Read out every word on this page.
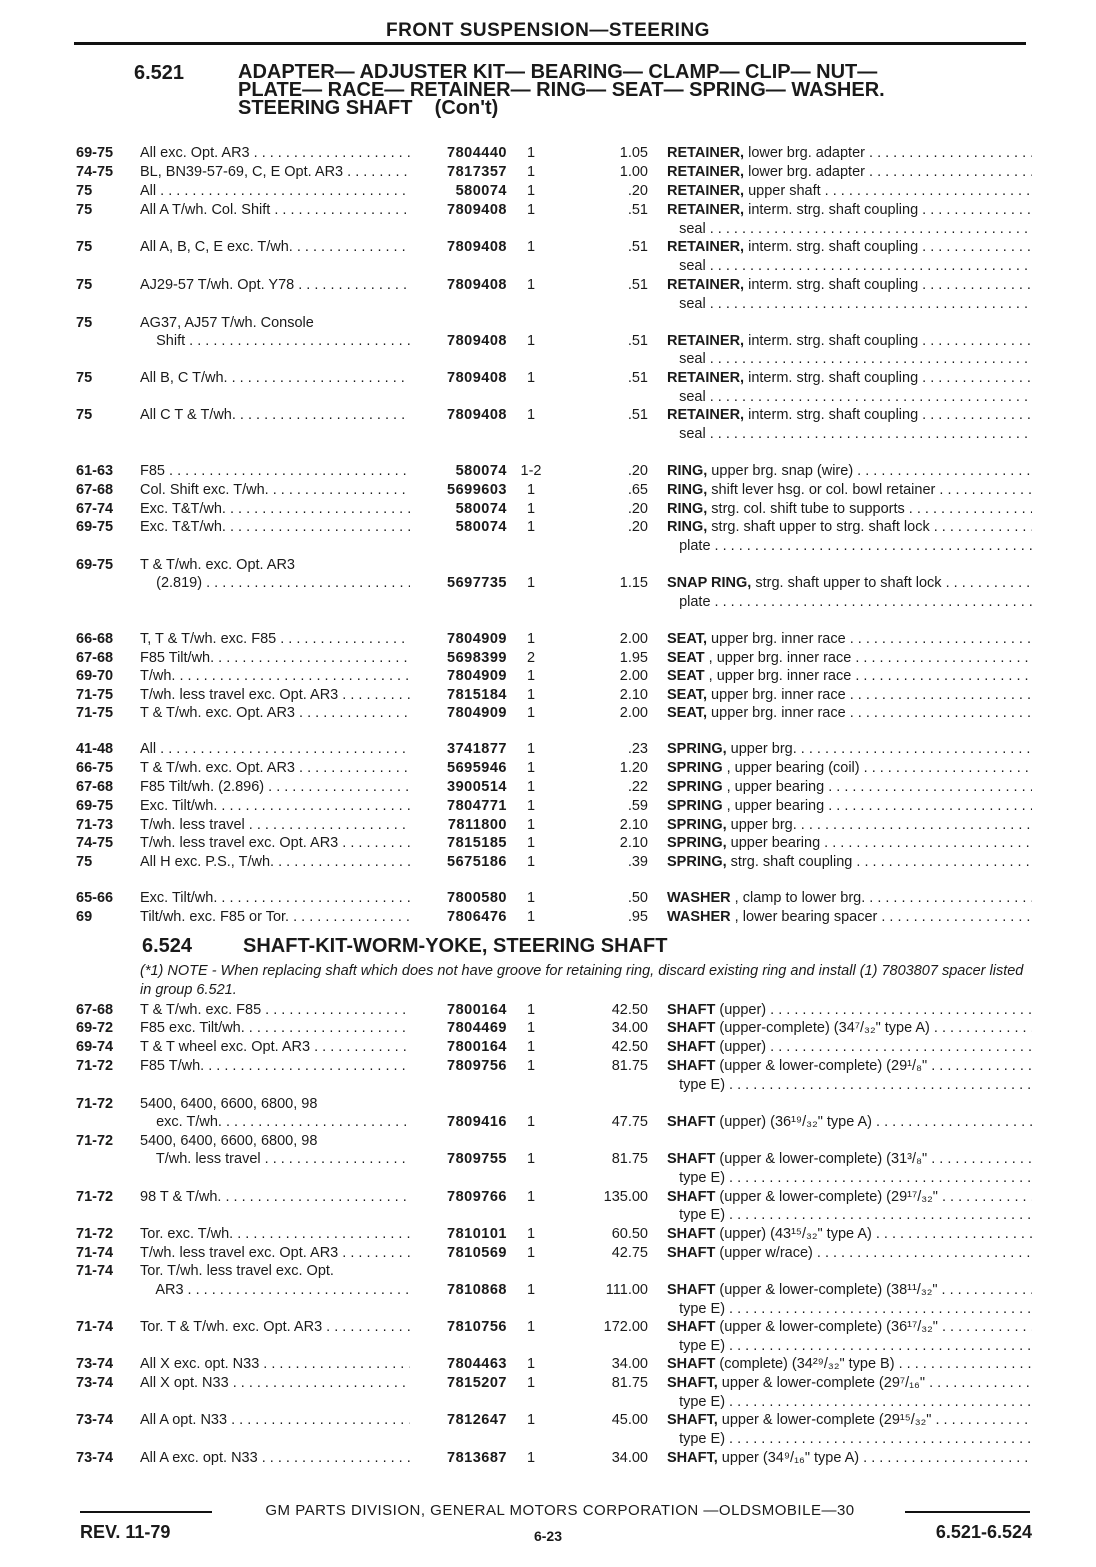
FRONT SUSPENSION—STEERING
6.521	ADAPTER— ADJUSTER KIT— BEARING— CLAMP— CLIP— NUT—
PLATE— RACE— RETAINER— RING— SEAT— SPRING— WASHER.
STEERING SHAFT    (Con't)
6.524	SHAFT-KIT-WORM-YOKE, STEERING SHAFT
(*1) NOTE - When replacing shaft which does not have groove for retaining ring, discard existing ring and install (1) 7803807 spacer listed in group 6.521.
69-75	All exc. Opt. AR3 . . .	7804440	1	1.05 RETAINER, lower brg. adapter . . .
74-75	BL, BN39-57-69, C, E Opt. AR3 . . .	7817357	1	1.00 RETAINER, lower brg. adapter . . .
75	All . . .	580074	1	.20 RETAINER, upper shaft . . .
75	All A T/wh. Col. Shift . . .	7809408	1	.51 RETAINER, interm. strg. shaft coupling . . .
seal . . .
75	All A, B, C, E exc. T/wh. . . .	7809408	1	.51 RETAINER, interm. strg. shaft coupling . . .
seal . . .
75	AJ29-57 T/wh. Opt. Y78 . . .	7809408	1	.51 RETAINER, interm. strg. shaft coupling . . .
seal . . .
75	AG37, AJ57 T/wh. Console
Shift . . .	7809408	1	.51 RETAINER, interm. strg. shaft coupling . . .
seal . . .
75	All B, C T/wh. . . .	7809408	1	.51 RETAINER, interm. strg. shaft coupling . . .
seal . . .
75	All C T & T/wh. . . .	7809408	1	.51 RETAINER, interm. strg. shaft coupling . . .
seal . . .
61-63	F85 . . .	580074 1-2	.20 RING, upper brg. snap (wire) . . .
67-68	Col. Shift exc. T/wh. . . .	5699603	1	.65 RING, shift lever hsg. or col. bowl retainer . . . .
67-74	Exc. T&T/wh. . . .	580074	1	.20 RING, strg. col. shift tube to supports . . .
69-75	Exc. T&T/wh. . . .	580074	1	.20 RING, strg. shaft upper to strg. shaft lock . . .
plate . . .
69-75	T & T/wh. exc. Opt. AR3
(2.819) . . .	5697735	1	1.15 SNAP RING, strg. shaft upper to shaft lock . . .
plate . . .
66-68	T, T & T/wh. exc. F85 . . .	7804909	1	2.00 SEAT, upper brg. inner race . . .
67-68	F85 Tilt/wh. . . .	5698399	2	1.95 SEAT , upper brg. inner race . . .
69-70	T/wh. . . .	7804909	1	2.00 SEAT , upper brg. inner race . . .
71-75	T/wh. less travel exc. Opt. AR3 . . . .	7815184	1	2.10 SEAT, upper brg. inner race . . .
71-75	T & T/wh. exc. Opt. AR3 . . .	7804909	1	2.00 SEAT, upper brg. inner race . . .
41-48	All . . .	3741877	1	.23 SPRING, upper brg. . . .
66-75	T & T/wh. exc. Opt. AR3 . . .	5695946	1	1.20 SPRING , upper bearing (coil) . . .
67-68	F85 Tilt/wh. (2.896) . . .	3900514	1	.22 SPRING , upper bearing . . .
69-75	Exc. Tilt/wh. . . .	7804771	1	.59 SPRING , upper bearing . . .
71-73	T/wh. less travel . . .	7811800	1	2.10 SPRING, upper brg. . . .
74-75	T/wh. less travel exc. Opt. AR3 . . . .	7815185	1	2.10 SPRING, upper bearing . . .
75	All H exc. P.S., T/wh. . . .	5675186	1	.39 SPRING, strg. shaft coupling . . .
65-66	Exc. Tilt/wh. . . .	7800580	1	.50 WASHER , clamp to lower brg. . . .
69	Tilt/wh. exc. F85 or Tor. . . .	7806476	1	.95 WASHER , lower bearing spacer . . .
67-68	T & T/wh. exc. F85 . . .	7800164	1	42.50 SHAFT (upper) . . .
69-72	F85 exc. Tilt/wh. . . .	7804469	1	34.00 SHAFT (upper-complete) (34⁷/₃₂" type A) . . . . .
69-74	T & T wheel exc. Opt. AR3 . . .	7800164	1	42.50 SHAFT (upper) . . .
71-72	F85 T/wh. . . .	7809756	1	81.75 SHAFT (upper & lower-complete) (29¹/₈" . . .
type E) . . .
71-72	5400, 6400, 6600, 6800, 98
exc. T/wh. . . .	7809416	1	47.75 SHAFT (upper) (36¹⁹/₃₂" type A) . . .
71-72	5400, 6400, 6600, 6800, 98
T/wh. less travel . . .	7809755	1	81.75 SHAFT (upper & lower-complete) (31³/₈" . . .
type E) . . .
71-72	98 T & T/wh. . . .	7809766	1	135.00 SHAFT (upper & lower-complete) (29¹⁷/₃₂" . . .
type E) . . .
71-72	Tor. exc. T/wh. . . .	7810101	1	60.50 SHAFT (upper) (43¹⁵/₃₂" type A) . . .
71-74	T/wh. less travel exc. Opt. AR3 . . . .	7810569	1	42.75 SHAFT (upper w/race) . . .
71-74	Tor. T/wh. less travel exc. Opt.
AR3 . . .	7810868	1	111.00 SHAFT (upper & lower-complete) (38¹¹/₃₂" . . .
type E) . . .
71-74	Tor. T & T/wh. exc. Opt. AR3 . . . . .	7810756	1	172.00 SHAFT (upper & lower-complete) (36¹⁷/₃₂" . . .
type E) . . .
73-74	All X exc. opt. N33 . . .	7804463	1	34.00 SHAFT (complete) (34²⁹/₃₂" type B) . . .
73-74	All X opt. N33 . . .	7815207	1	81.75 SHAFT, upper & lower-complete (29⁷/₁₆" . . .
type E) . . .
73-74	All A opt. N33 . . .	7812647	1	45.00 SHAFT, upper & lower-complete (29¹⁵/₃₂" . . .
type E) . . .
73-74	All A exc. opt. N33 . . .	7813687	1	34.00 SHAFT, upper (34⁹/₁₆" type A) . . .
GM PARTS DIVISION, GENERAL MOTORS CORPORATION —OLDSMOBILE—30
REV. 11-79	6-23	6.521-6.524
